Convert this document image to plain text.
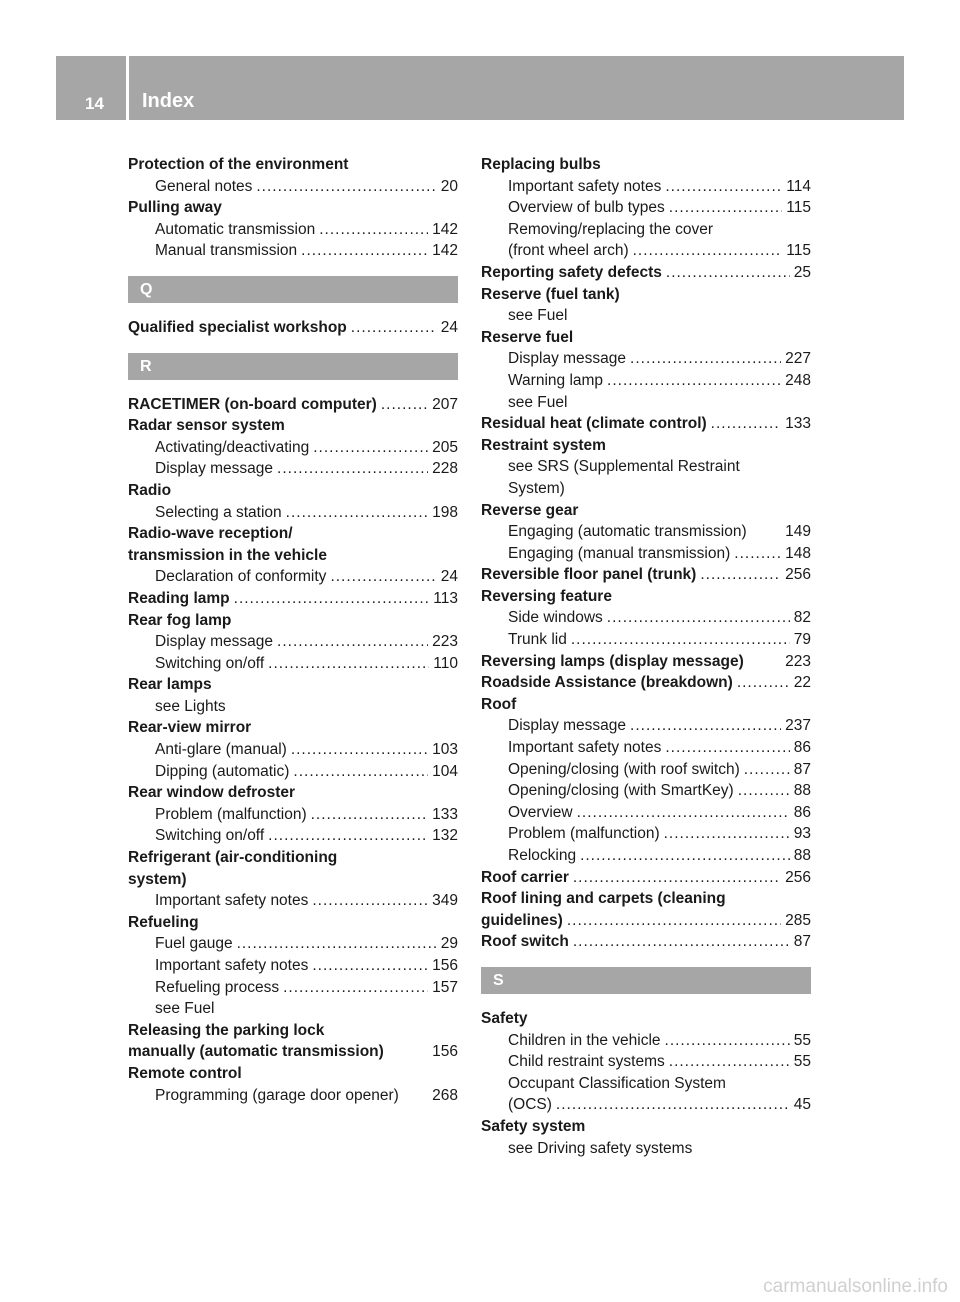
14 Index
Protection of the environment
General notes .....	20
Pulling away
Automatic transmission .....	142
Manual transmission .....	142
Q
Qualified specialist workshop .....	24
R
RACETIMER (on-board computer) .....	207
Radar sensor system
Activating/deactivating .....	205
Display message .....	228
Radio
Selecting a station .....	198
Radio-wave reception/
transmission in the vehicle
Declaration of conformity .....	24
Reading lamp .....	113
Rear fog lamp
Display message .....	223
Switching on/off .....	110
Rear lamps
see Lights
Rear-view mirror
Anti-glare (manual) .....	103
Dipping (automatic) .....	104
Rear window defroster
Problem (malfunction) .....	133
Switching on/off .....	132
Refrigerant (air-conditioning
system)
Important safety notes .....	349
Refueling
Fuel gauge .....	29
Important safety notes .....	156
Refueling process .....	157
see Fuel
Releasing the parking lock
manually (automatic transmission)	156
Remote control
Programming (garage door opener) 268
Replacing bulbs
Important safety notes .....	114
Overview of bulb types .....	115
Removing/replacing the cover
(front wheel arch) .....	115
Reporting safety defects .....	25
Reserve (fuel tank)
see Fuel
Reserve fuel
Display message .....	227
Warning lamp .....	248
see Fuel
Residual heat (climate control) .....	133
Restraint system
see SRS (Supplemental Restraint
System)
Reverse gear
Engaging (automatic transmission) 149
Engaging (manual transmission) .....	148
Reversible floor panel (trunk) .....	256
Reversing feature
Side windows .....	82
Trunk lid .....	79
Reversing lamps (display message)	223
Roadside Assistance (breakdown) .....	22
Roof
Display message .....	237
Important safety notes .....	86
Opening/closing (with roof switch) .....	87
Opening/closing (with SmartKey) .....	88
Overview .....	86
Problem (malfunction) .....	93
Relocking .....	88
Roof carrier .....	256
Roof lining and carpets (cleaning
guidelines) .....	285
Roof switch .....	87
S
Safety
Children in the vehicle .....	55
Child restraint systems .....	55
Occupant Classification System
(OCS) .....	45
Safety system
see Driving safety systems
carmanualsonline.info
